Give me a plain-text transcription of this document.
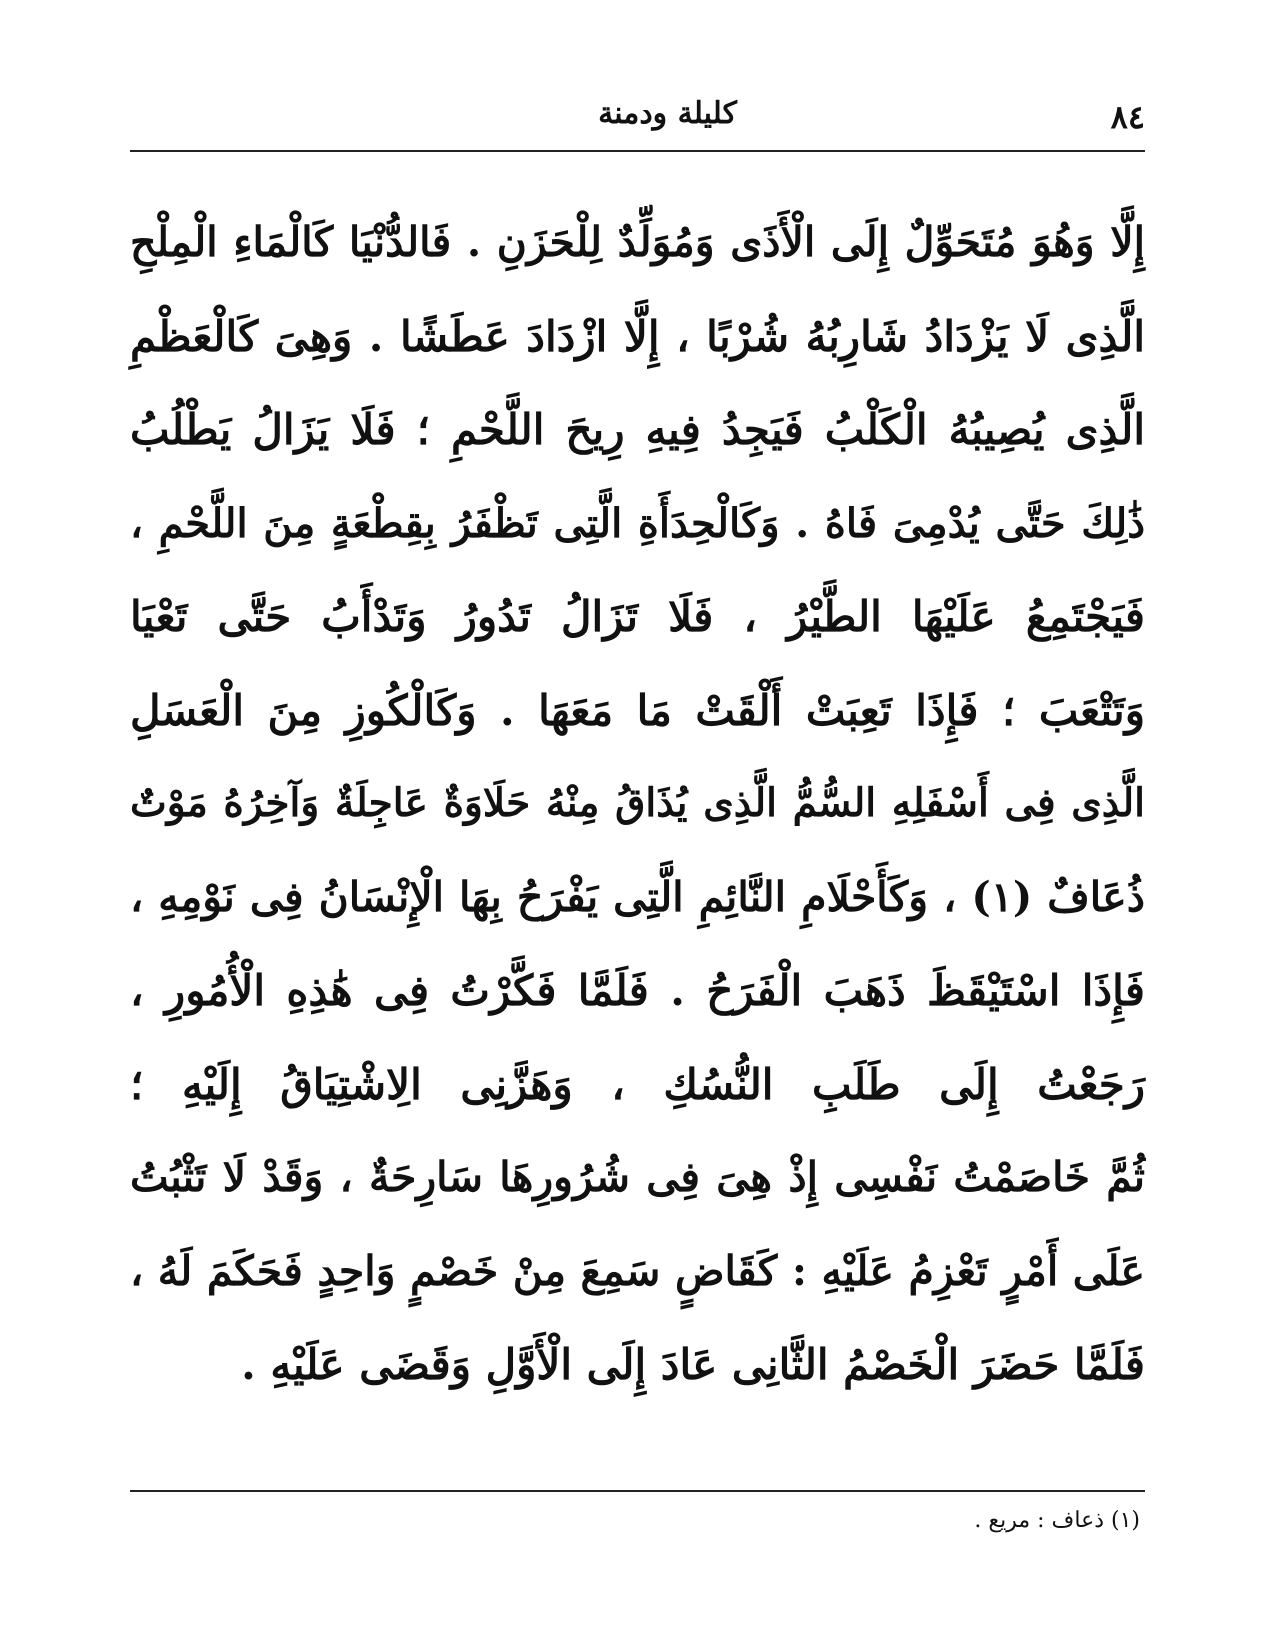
٨٤
كليلة ودمنة
إِلَّا وَهُوَ مُتَحَوِّلٌ إِلَى الْأَذَى وَمُوَلِّدٌ لِلْحَزَنِ . فَالدُّنْيَا كَالْمَاءِ الْمِلْحِ
الَّذِى لَا يَزْدَادُ شَارِبُهُ شُرْبًا ، إِلَّا ازْدَادَ عَطَشًا . وَهِىَ كَالْعَظْمِ
الَّذِى يُصِيبُهُ الْكَلْبُ فَيَجِدُ فِيهِ رِيحَ اللَّحْمِ ؛ فَلَا يَزَالُ يَطْلُبُ
ذَٰلِكَ حَتَّى يُدْمِىَ فَاهُ . وَكَالْحِدَأَةِ الَّتِى تَظْفَرُ بِقِطْعَةٍ مِنَ اللَّحْمِ ،
فَيَجْتَمِعُ عَلَيْهَا الطَّيْرُ ، فَلَا تَزَالُ تَدُورُ وَتَدْأَبُ حَتَّى تَعْيَا
وَتَتْعَبَ ؛ فَإِذَا تَعِبَتْ أَلْقَتْ مَا مَعَهَا . وَكَالْكُوزِ مِنَ الْعَسَلِ
الَّذِى فِى أَسْفَلِهِ السُّمُّ الَّذِى يُذَاقُ مِنْهُ حَلَاوَةٌ عَاجِلَةٌ وَآخِرُهُ مَوْتٌ
ذُعَافٌ (١) ، وَكَأَحْلَامِ النَّائِمِ الَّتِى يَفْرَحُ بِهَا الْإِنْسَانُ فِى نَوْمِهِ ،
فَإِذَا اسْتَيْقَظَ ذَهَبَ الْفَرَحُ . فَلَمَّا فَكَّرْتُ فِى هَٰذِهِ الْأُمُورِ ،
رَجَعْتُ إِلَى طَلَبِ النُّسُكِ ، وَهَزَّنِى الِاشْتِيَاقُ إِلَيْهِ ؛
ثُمَّ خَاصَمْتُ نَفْسِى إِذْ هِىَ فِى شُرُورِهَا سَارِحَةٌ ، وَقَدْ لَا تَثْبُتُ
عَلَى أَمْرٍ تَعْزِمُ عَلَيْهِ : كَقَاضٍ سَمِعَ مِنْ خَصْمٍ وَاحِدٍ فَحَكَمَ لَهُ ،
فَلَمَّا حَضَرَ الْخَصْمُ الثَّانِى عَادَ إِلَى الْأَوَّلِ وَقَضَى عَلَيْهِ .
(١) ذعاف : مريع .
